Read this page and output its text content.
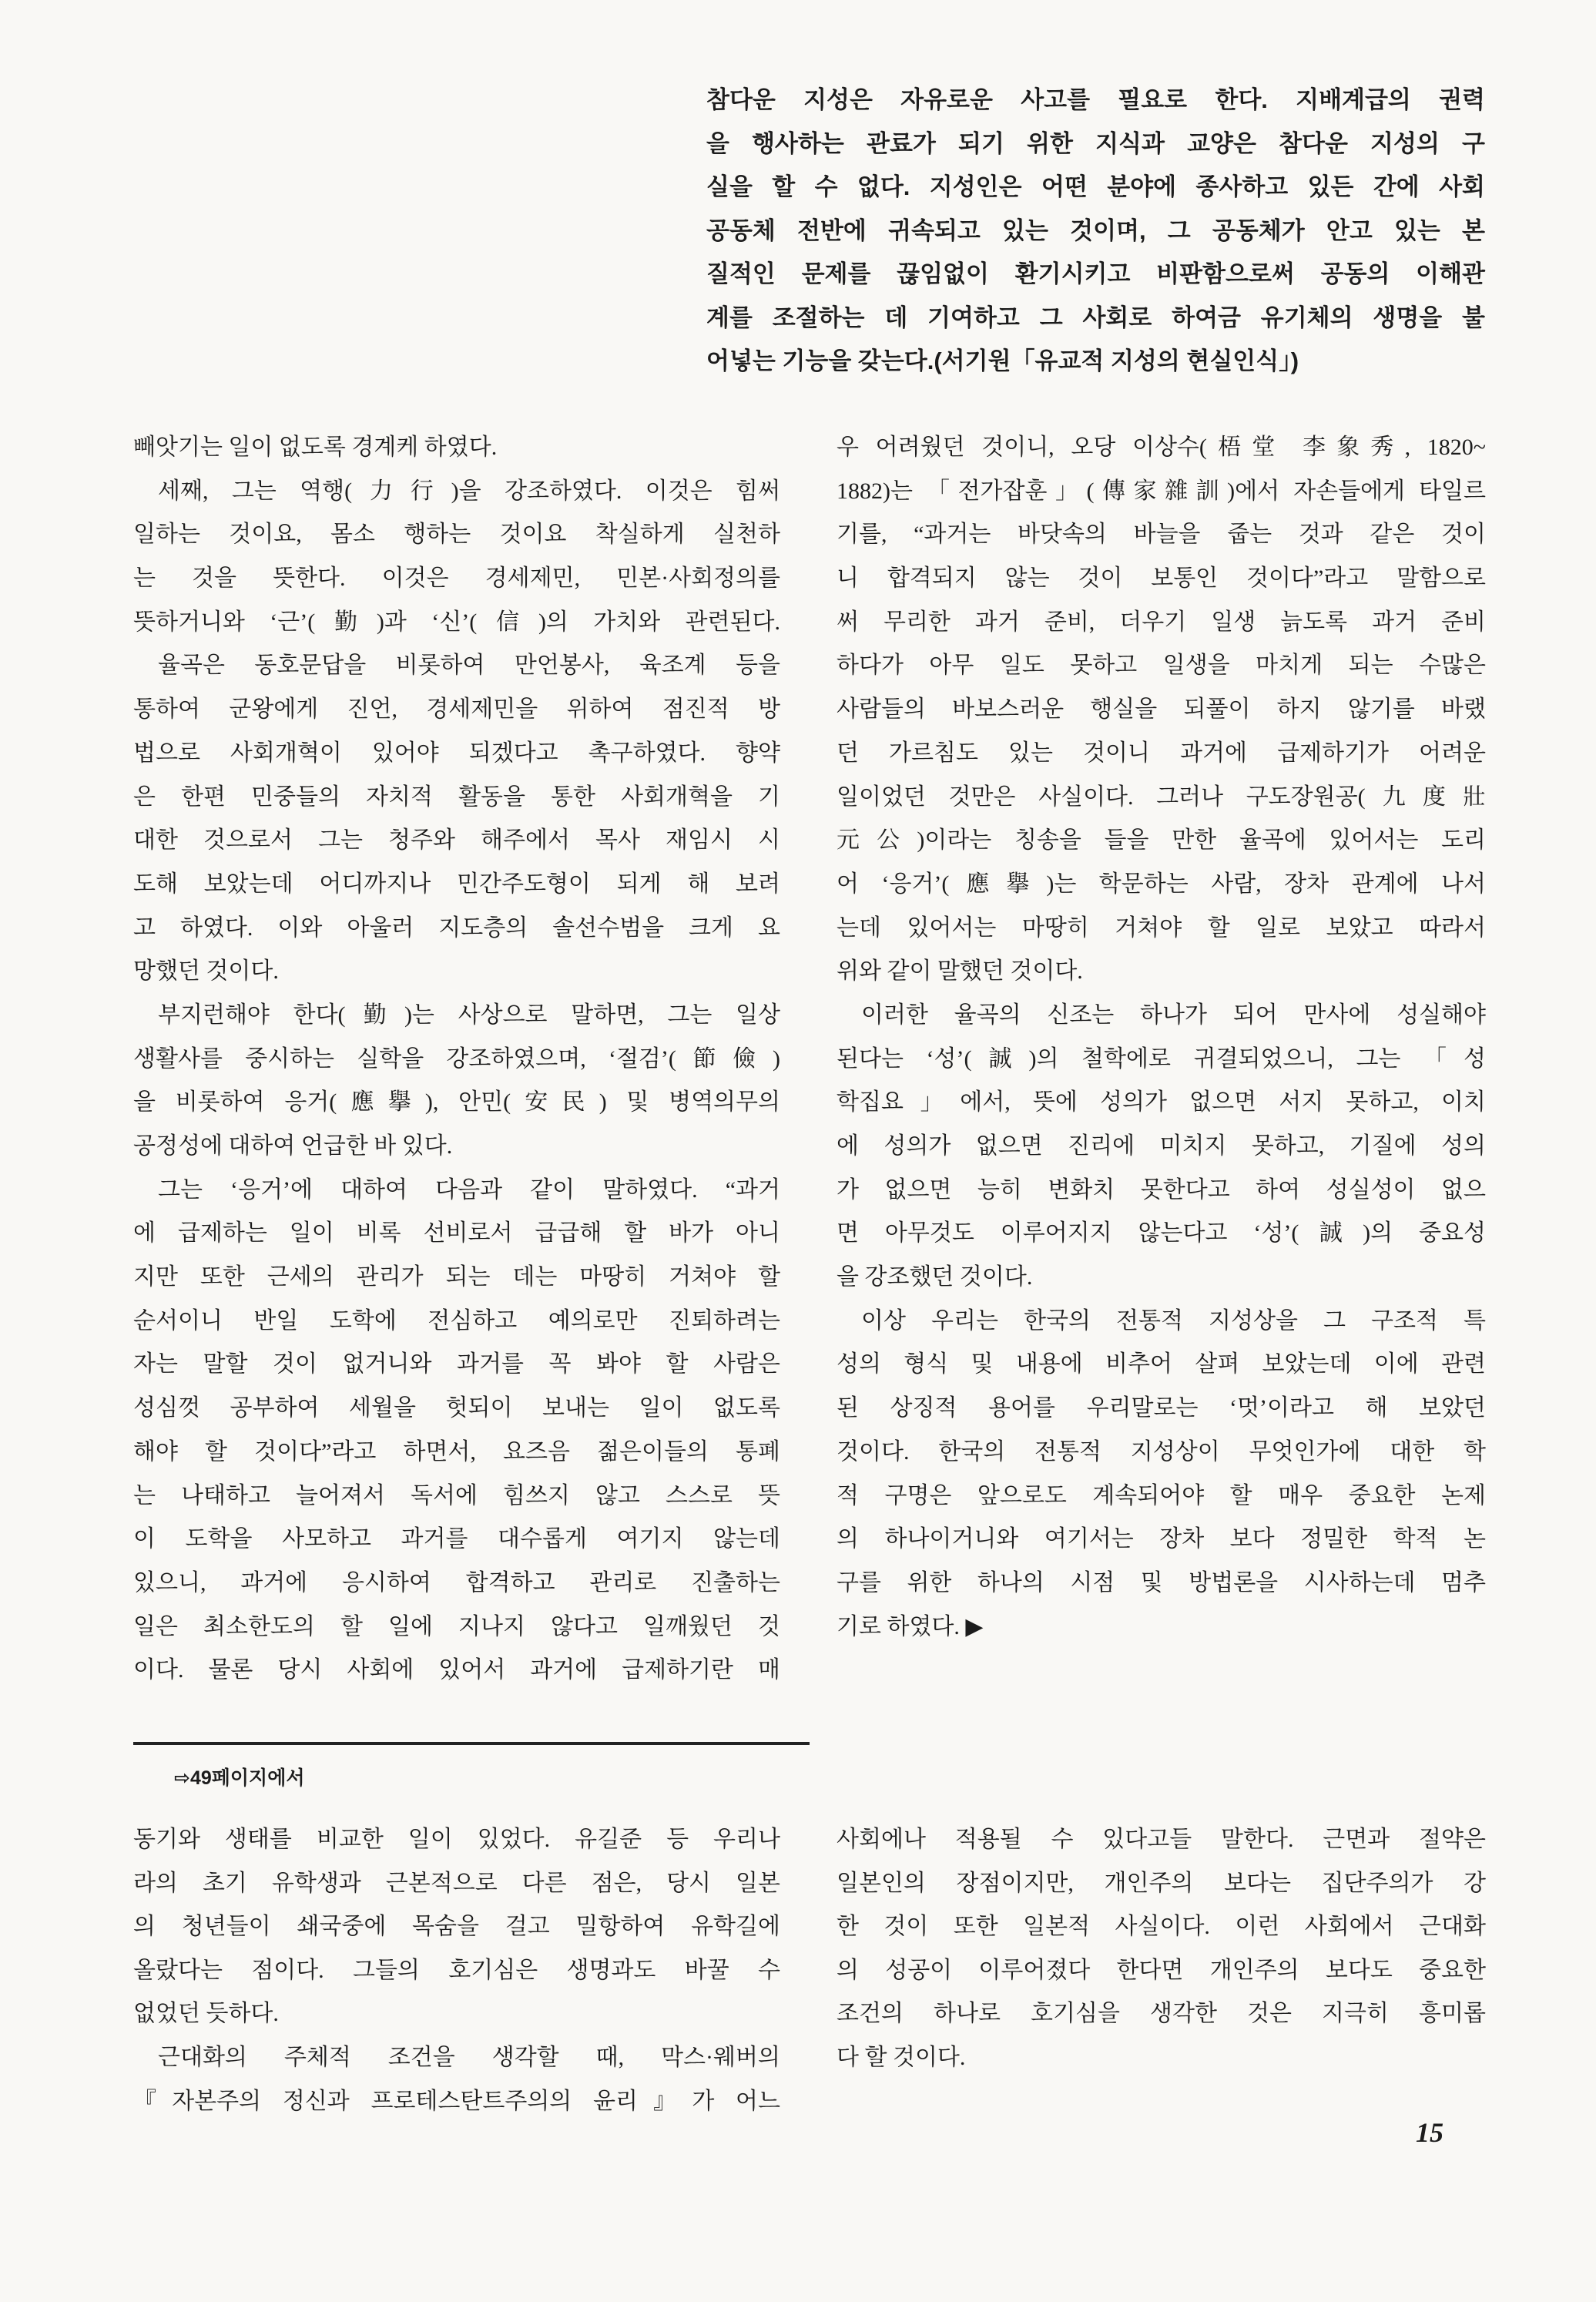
참다운 지성은 자유로운 사고를 필요로 한다. 지배계급의 권력
을 행사하는 관료가 되기 위한 지식과 교양은 참다운 지성의 구
실을 할 수 없다. 지성인은 어떤 분야에 종사하고 있든 간에 사회
공동체 전반에 귀속되고 있는 것이며, 그 공동체가 안고 있는 본
질적인 문제를 끊임없이 환기시키고 비판함으로써 공동의 이해관
계를 조절하는 데 기여하고 그 사회로 하여금 유기체의 생명을 불
어넣는 기능을 갖는다.(서기원「유교적 지성의 현실인식」)
빼앗기는 일이 없도록 경계케 하였다.
세째, 그는 역행(力行)을 강조하였다. 이것은 힘써
일하는 것이요, 몸소 행하는 것이요 착실하게 실천하
는 것을 뜻한다. 이것은 경세제민, 민본·사회정의를
뜻하거니와 ‘근’(勤)과 ‘신’(信)의 가치와 관련된다.
율곡은 동호문답을 비롯하여 만언봉사, 육조계 등을
통하여 군왕에게 진언, 경세제민을 위하여 점진적 방
법으로 사회개혁이 있어야 되겠다고 촉구하였다. 향약
은 한편 민중들의 자치적 활동을 통한 사회개혁을 기
대한 것으로서 그는 청주와 해주에서 목사 재임시 시
도해 보았는데 어디까지나 민간주도형이 되게 해 보려
고 하였다. 이와 아울러 지도층의 솔선수범을 크게 요
망했던 것이다.
부지런해야 한다(勤)는 사상으로 말하면, 그는 일상
생활사를 중시하는 실학을 강조하였으며, ‘절검’(節儉)
을 비롯하여 응거(應擧), 안민(安民) 및 병역의무의
공정성에 대하여 언급한 바 있다.
그는 ‘응거’에 대하여 다음과 같이 말하였다. “과거
에 급제하는 일이 비록 선비로서 급급해 할 바가 아니
지만 또한 근세의 관리가 되는 데는 마땅히 거쳐야 할
순서이니 반일 도학에 전심하고 예의로만 진퇴하려는
자는 말할 것이 없거니와 과거를 꼭 봐야 할 사람은
성심껏 공부하여 세월을 헛되이 보내는 일이 없도록
해야 할 것이다”라고 하면서, 요즈음 젊은이들의 통폐
는 나태하고 늘어져서 독서에 힘쓰지 않고 스스로 뜻
이 도학을 사모하고 과거를 대수롭게 여기지 않는데
있으니, 과거에 응시하여 합격하고 관리로 진출하는
일은 최소한도의 할 일에 지나지 않다고 일깨웠던 것
이다. 물론 당시 사회에 있어서 과거에 급제하기란 매
우 어려웠던 것이니, 오당 이상수(梧堂 李象秀, 1820~
1882)는 「전가잡훈」(傳家雜訓)에서 자손들에게 타일르
기를, “과거는 바닷속의 바늘을 줍는 것과 같은 것이
니 합격되지 않는 것이 보통인 것이다”라고 말함으로
써 무리한 과거 준비, 더우기 일생 늙도록 과거 준비
하다가 아무 일도 못하고 일생을 마치게 되는 수많은
사람들의 바보스러운 행실을 되풀이 하지 않기를 바랬
던 가르침도 있는 것이니 과거에 급제하기가 어려운
일이었던 것만은 사실이다. 그러나 구도장원공(九度壯
元公)이라는 칭송을 들을 만한 율곡에 있어서는 도리
어 ‘응거’(應擧)는 학문하는 사람, 장차 관계에 나서
는데 있어서는 마땅히 거쳐야 할 일로 보았고 따라서
위와 같이 말했던 것이다.
이러한 율곡의 신조는 하나가 되어 만사에 성실해야
된다는 ‘성’(誠)의 철학에로 귀결되었으니, 그는 「성
학집요」에서, 뜻에 성의가 없으면 서지 못하고, 이치
에 성의가 없으면 진리에 미치지 못하고, 기질에 성의
가 없으면 능히 변화치 못한다고 하여 성실성이 없으
면 아무것도 이루어지지 않는다고 ‘성’(誠)의 중요성
을 강조했던 것이다.
이상 우리는 한국의 전통적 지성상을 그 구조적 특
성의 형식 및 내용에 비추어 살펴 보았는데 이에 관련
된 상징적 용어를 우리말로는 ‘멋’이라고 해 보았던
것이다. 한국의 전통적 지성상이 무엇인가에 대한 학
적 구명은 앞으로도 계속되어야 할 매우 중요한 논제
의 하나이거니와 여기서는 장차 보다 정밀한 학적 논
구를 위한 하나의 시점 및 방법론을 시사하는데 멈추
기로 하였다. ▶
⇨49페이지에서
동기와 생태를 비교한 일이 있었다. 유길준 등 우리나
라의 초기 유학생과 근본적으로 다른 점은, 당시 일본
의 청년들이 쇄국중에 목숨을 걸고 밀항하여 유학길에
올랐다는 점이다. 그들의 호기심은 생명과도 바꿀 수
없었던 듯하다.
근대화의 주체적 조건을 생각할 때, 막스·웨버의
『자본주의 정신과 프로테스탄트주의의 윤리』가 어느
사회에나 적용될 수 있다고들 말한다. 근면과 절약은
일본인의 장점이지만, 개인주의 보다는 집단주의가 강
한 것이 또한 일본적 사실이다. 이런 사회에서 근대화
의 성공이 이루어졌다 한다면 개인주의 보다도 중요한
조건의 하나로 호기심을 생각한 것은 지극히 흥미롭
다 할 것이다.
15
